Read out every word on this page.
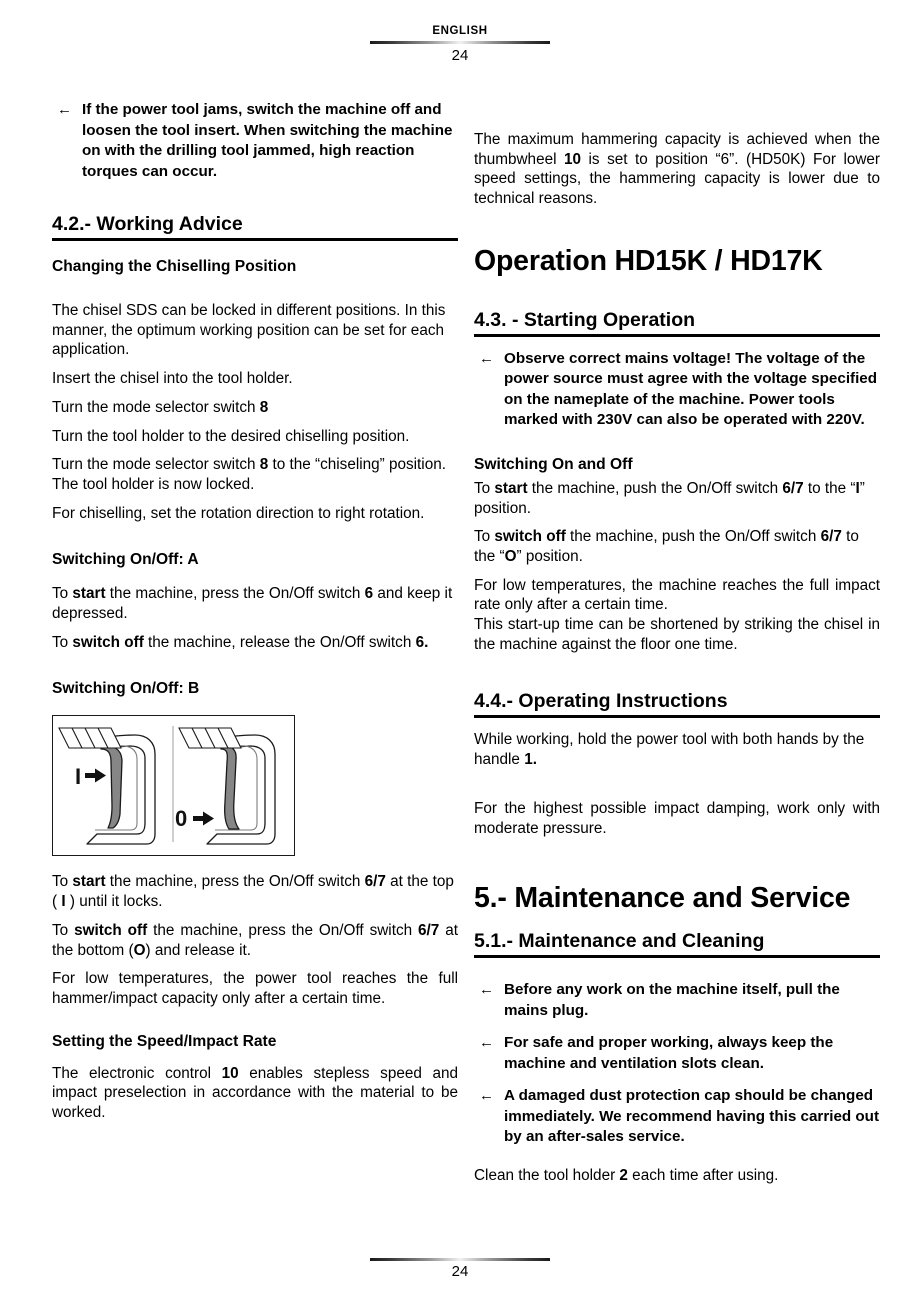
ENGLISH
24
← If the power tool jams, switch the machine off and loosen the tool insert. When switching the machine on with the drilling tool jammed, high reaction torques can occur.
4.2.- Working Advice
Changing the Chiselling Position

The chisel SDS can be locked in different positions. In this manner, the optimum working position can be set for each application.

Insert the chisel into the tool holder.

Turn the mode selector switch 8

Turn the tool holder to the desired chiselling position.

Turn the mode selector switch 8 to the “chiseling” position. The tool holder is now locked.

For chiselling, set the rotation direction to right rotation.

Switching On/Off: A

To start the machine, press the On/Off switch 6 and keep it depressed.

To switch off the machine, release the On/Off switch 6.

Switching On/Off: B
I
0

To start the machine, press the On/Off switch 6/7 at the top ( I ) until it locks.

To switch off the machine, press the On/Off switch 6/7 at the bottom (O) and release it.

For low temperatures, the power tool reaches the full hammer/impact capacity only after a certain time.

Setting the Speed/Impact Rate

The electronic control 10 enables stepless speed and impact preselection in accordance with the material to be worked.

The maximum hammering capacity is achieved when the thumbwheel 10 is set to position “6”. (HD50K) For lower speed settings, the hammering capacity is lower due to technical reasons.

Operation HD15K / HD17K
4.3. - Starting Operation
← Observe correct mains voltage! The voltage of the power source must agree with the voltage specified on the nameplate of the machine. Power tools marked with 230V can also be operated with 220V.
Switching On and Off

To start the machine, push the On/Off switch 6/7 to the “I” position.

To switch off the machine, push the On/Off switch 6/7 to the “O” position.

For low temperatures, the machine reaches the full impact rate only after a certain time.

This start-up time can be shortened by striking the chisel in the machine against the floor one time.

4.4.- Operating Instructions

While working, hold the power tool with both hands by the handle 1.

For the highest possible impact damping, work only with moderate pressure.

5.- Maintenance and Service
5.1.- Maintenance and Cleaning
← Before any work on the machine itself, pull the mains plug.
← For safe and proper working, always keep the machine and ventilation slots clean.
← A damaged dust protection cap should be changed immediately. We recommend having this carried out by an after-sales service.

Clean the tool holder 2 each time after using.

24
